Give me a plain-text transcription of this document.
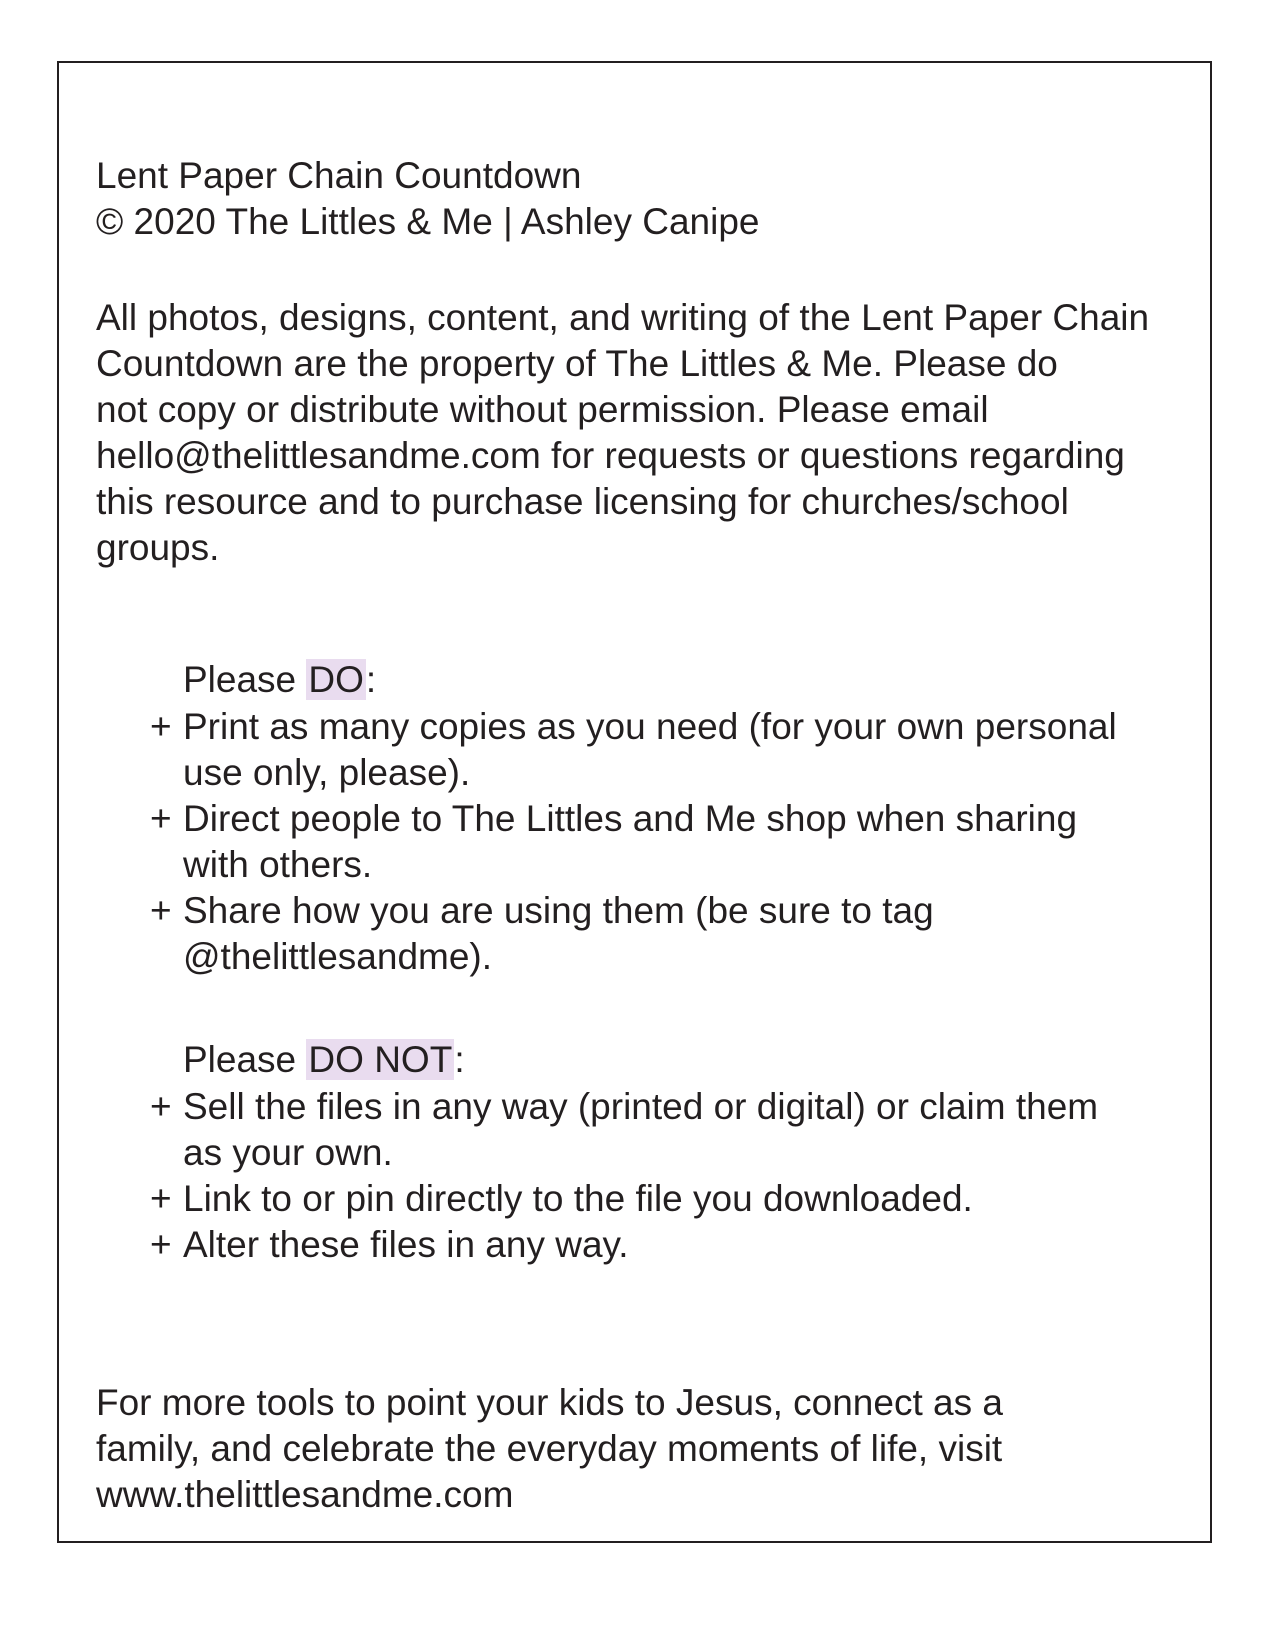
Lent Paper Chain Countdown
© 2020 The Littles & Me | Ashley Canipe
All photos, designs, content, and writing of the Lent Paper Chain
Countdown are the property of The Littles & Me. Please do
not copy or distribute without permission. Please email
hello@thelittlesandme.com for requests or questions regarding
this resource and to purchase licensing for churches/school
groups.
Please DO:
+ Print as many copies as you need (for your own personal
use only, please).
+ Direct people to The Littles and Me shop when sharing
with others.
+ Share how you are using them (be sure to tag
@thelittlesandme).
Please DO NOT:
+ Sell the files in any way (printed or digital) or claim them
as your own.
+ Link to or pin directly to the file you downloaded.
+ Alter these files in any way.
For more tools to point your kids to Jesus, connect as a
family, and celebrate the everyday moments of life, visit
www.thelittlesandme.com
